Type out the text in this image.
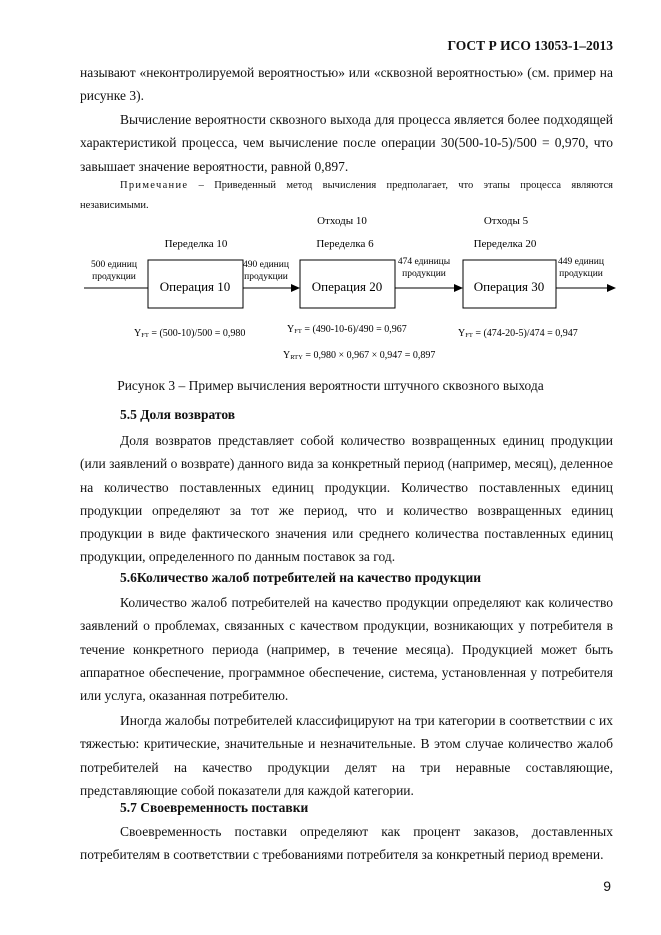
ГОСТ Р ИСО 13053-1–2013

называют «неконтролируемой вероятностью» или «сквозной вероятностью» (см. пример на рисунке 3).

Вычисление вероятности сквозного выхода для процесса является более подходящей характеристикой процесса, чем вычисление после операции 30(500-10-5)/500 = 0,970, что завышает значение вероятности, равной 0,897.

Примечание – Приведенный метод вычисления предполагает, что этапы процесса являются независимыми.

Отходы 10	Отходы 5
Переделка 10	Переделка 6	Переделка 20
500 единиц
продукции
490 единиц
продукции
474 единицы
продукции
449 единиц
продукции
Операция 10	Операция 20	Операция 30
YFT = (500-10)/500 = 0,980	YFT = (490-10-6)/490 = 0,967	YFT = (474-20-5)/474 = 0,947
YRTY = 0,980 × 0,967 × 0,947 = 0,897
Рисунок 3 – Пример вычисления вероятности штучного сквозного выхода
5.5 Доля возвратов

Доля возвратов представляет собой количество возвращенных единиц продукции (или заявлений о возврате) данного вида за конкретный период (например, месяц), деленное на количество поставленных единиц продукции. Количество поставленных единиц продукции определяют за тот же период, что и количество возвращенных единиц продукции в виде фактического значения или среднего количества поставленных единиц продукции, определенного по данным поставок за год.

5.6Количество жалоб потребителей на качество продукции

Количество жалоб потребителей на качество продукции определяют как количество заявлений о проблемах, связанных с качеством продукции, возникающих у потребителя в течение конкретного периода (например, в течение месяца). Продукцией может быть аппаратное обеспечение, программное обеспечение, система, установленная у потребителя или услуга, оказанная потребителю.

Иногда жалобы потребителей классифицируют на три категории в соответствии с их тяжестью: критические, значительные и незначительные. В этом случае количество жалоб потребителей на качество продукции делят на три неравные составляющие, представляющие собой показатели для каждой категории.

5.7 Своевременность поставки

Своевременность поставки определяют как процент заказов, доставленных потребителям в соответствии с требованиями потребителя за конкретный период времени.

9
